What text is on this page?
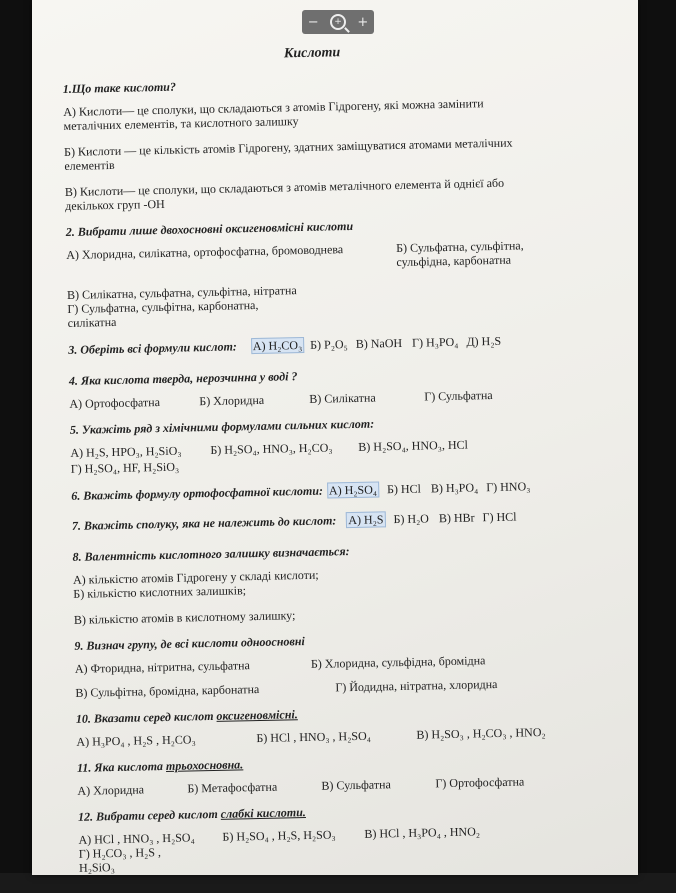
Кислоти
1.Що таке кислоти?
А) Кислоти— це сполуки, що складаються з атомів Гідрогену, які можна замінити металічних елементів, та кислотного залишку
Б) Кислоти — це кількість атомів Гідрогену, здатних заміщуватися атомами металічних елементів
В) Кислоти— це сполуки, що складаються з атомів металічного елемента й однієї або декількох груп -ОН
2. Вибрати лише двохосновні оксигеновмісні кислоти
А) Хлоридна, силікатна, ортофосфатна, бромоводнева	Б) Сульфатна, сульфітна, сульфідна, карбонатна
В) Силікатна, сульфатна, сульфітна, нітратна
Г) Сульфатна, сульфітна, карбонатна, силікатна
3. Оберіть всі формули кислот: А) H₂CO₃ Б) P₂O₅ В) NaOH Г) H₃PO₄ Д) H₂S
4. Яка кислота тверда, нерозчинна у воді ?
А) Ортофосфатна	Б) Хлоридна	В) Силікатна	Г) Сульфатна
5. Укажіть ряд з хімічними формулами сильних кислот:
А) H₂S, HPO₃, H₂SiO₃	Б) H₂SO₄, HNO₃, H₂CO₃	В) H₂SO₄, HNO₃, HCl
Г) H₂SO₄, HF, H₂SiO₃
6. Вкажіть формулу ортофосфатної кислоти: А) H₂SO₄ Б) HCl В) H₃PO₄ Г) HNO₃
7. Вкажіть сполуку, яка не належить до кислот: А) H₂S Б) H₂O В) HBr Г) HCl
8. Валентність кислотного залишку визначається:
А) кількістю атомів Гідрогену у складі кислоти;
Б) кількістю кислотних залишків;
В) кількістю атомів в кислотному залишку;
9. Визнач групу, де всі кислоти одноосновні
А) Фторидна, нітритна, сульфатна	Б) Хлоридна, сульфідна, бромідна
В) Сульфітна, бромідна, карбонатна	Г) Йодидна, нітратна, хлоридна
10. Вказати серед кислот оксигеновмісні.
А) H₃PO₄ , H₂S , H₂CO₃	Б) HCl , HNO₃ , H₂SO₄	В) H₂SO₃ , H₂CO₃ , HNO₂
11. Яка кислота трьохосновна.
А) Хлоридна	Б) Метафосфатна	В) Сульфатна	Г) Ортофосфатна
12. Вибрати серед кислот слабкі кислоти.
А) HCl , HNO₃ , H₂SO₄	Б) H₂SO₄ , H₂S, H₂SO₃	В) HCl , H₃PO₄ , HNO₂
Г) H₂CO₃ , H₂S , H₂SiO₃
−	+	+
